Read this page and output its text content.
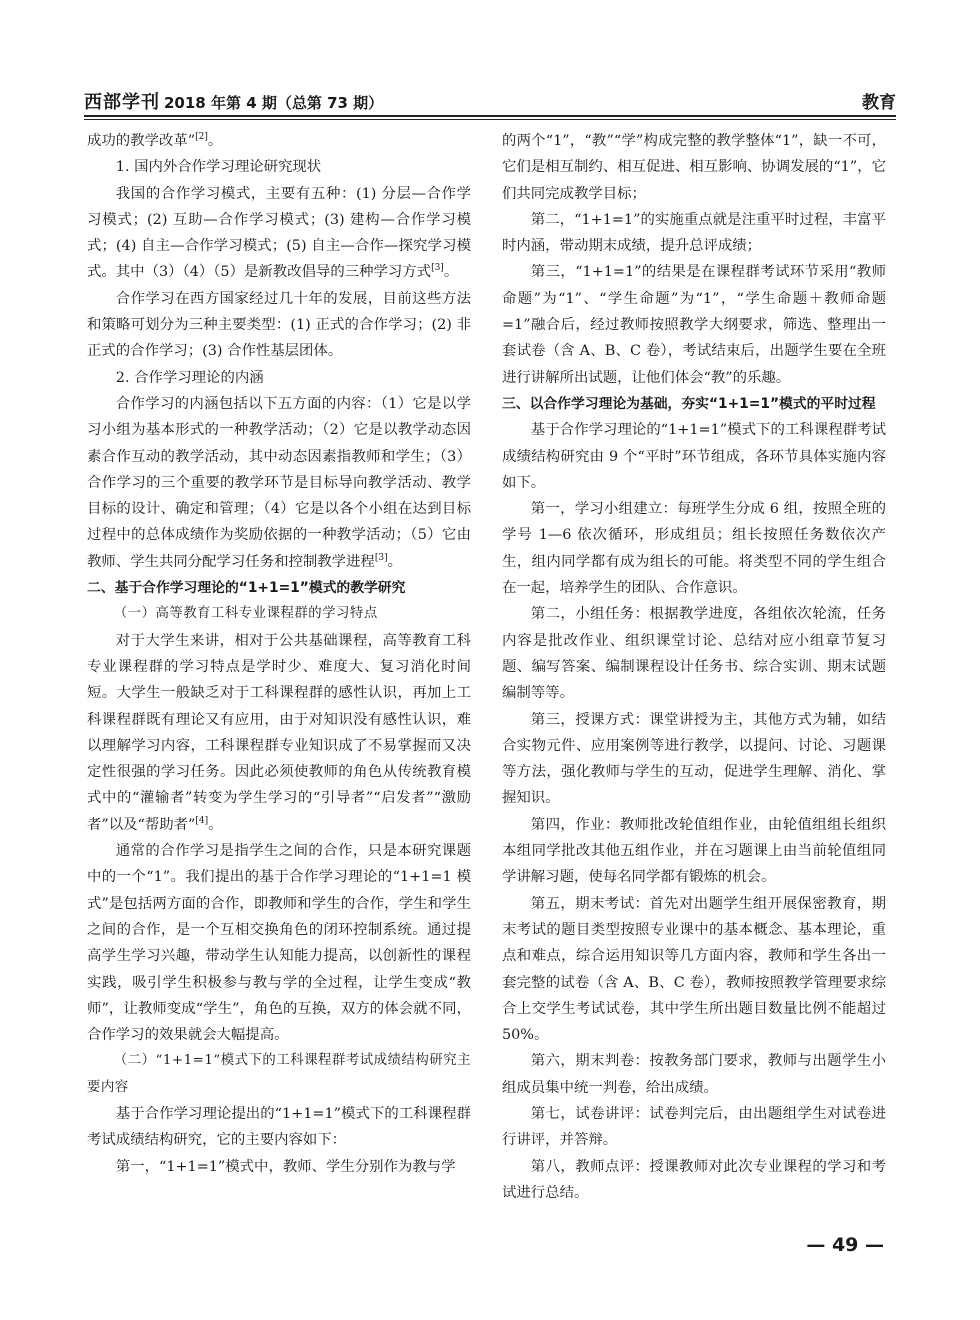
西部学刊 2018 年第 4 期（总第 73 期）	教育

成功的教学改革”[2]。

1. 国内外合作学习理论研究现状

我国的合作学习模式，主要有五种：(1) 分层—合作学习模式；(2) 互助—合作学习模式；(3) 建构—合作学习模式；(4) 自主—合作学习模式；(5) 自主—合作—探究学习模式。其中（3）（4）（5）是新教改倡导的三种学习方式[3]。

合作学习在西方国家经过几十年的发展，目前这些方法和策略可划分为三种主要类型：(1) 正式的合作学习；(2) 非正式的合作学习；(3) 合作性基层团体。

2. 合作学习理论的内涵

合作学习的内涵包括以下五方面的内容：（1）它是以学习小组为基本形式的一种教学活动；（2）它是以教学动态因素合作互动的教学活动，其中动态因素指教师和学生；（3）合作学习的三个重要的教学环节是目标导向教学活动、教学目标的设计、确定和管理；（4）它是以各个小组在达到目标过程中的总体成绩作为奖励依据的一种教学活动；（5）它由教师、学生共同分配学习任务和控制教学进程[3]。

二、基于合作学习理论的“1+1=1”模式的教学研究

（一）高等教育工科专业课程群的学习特点

对于大学生来讲，相对于公共基础课程，高等教育工科专业课程群的学习特点是学时少、难度大、复习消化时间短。大学生一般缺乏对于工科课程群的感性认识，再加上工科课程群既有理论又有应用，由于对知识没有感性认识，难以理解学习内容，工科课程群专业知识成了不易掌握而又决定性很强的学习任务。因此必须使教师的角色从传统教育模式中的“灌输者”转变为学生学习的“引导者”“启发者”“激励者”以及“帮助者”[4]。

通常的合作学习是指学生之间的合作，只是本研究课题中的一个“1”。我们提出的基于合作学习理论的“1+1=1 模式”是包括两方面的合作，即教师和学生的合作，学生和学生之间的合作，是一个互相交换角色的闭环控制系统。通过提高学生学习兴趣，带动学生认知能力提高，以创新性的课程实践，吸引学生积极参与教与学的全过程，让学生变成“教师”，让教师变成“学生”，角色的互换，双方的体会就不同，合作学习的效果就会大幅提高。

（二）“1+1=1”模式下的工科课程群考试成绩结构研究主要内容

基于合作学习理论提出的“1+1=1”模式下的工科课程群考试成绩结构研究，它的主要内容如下：

第一，“1+1=1”模式中，教师、学生分别作为教与学

的两个“1”，“教”“学”构成完整的教学整体“1”，缺一不可，它们是相互制约、相互促进、相互影响、协调发展的“1”，它们共同完成教学目标；

第二，“1+1=1”的实施重点就是注重平时过程，丰富平时内涵，带动期末成绩，提升总评成绩；

第三，“1+1=1”的结果是在课程群考试环节采用“教师命题”为“1”、“学生命题”为“1”，“学生命题＋教师命题=1”融合后，经过教师按照教学大纲要求，筛选、整理出一套试卷（含 A、B、C 卷），考试结束后，出题学生要在全班进行讲解所出试题，让他们体会“教”的乐趣。

三、以合作学习理论为基础，夯实“1+1=1”模式的平时过程

基于合作学习理论的“1+1=1”模式下的工科课程群考试成绩结构研究由 9 个“平时”环节组成，各环节具体实施内容如下。

第一，学习小组建立：每班学生分成 6 组，按照全班的学号 1—6 依次循环，形成组员；组长按照任务数依次产生，组内同学都有成为组长的可能。将类型不同的学生组合在一起，培养学生的团队、合作意识。

第二，小组任务：根据教学进度，各组依次轮流，任务内容是批改作业、组织课堂讨论、总结对应小组章节复习题、编写答案、编制课程设计任务书、综合实训、期末试题编制等等。

第三，授课方式：课堂讲授为主，其他方式为辅，如结合实物元件、应用案例等进行教学，以提问、讨论、习题课等方法，强化教师与学生的互动，促进学生理解、消化、掌握知识。

第四，作业：教师批改轮值组作业，由轮值组组长组织本组同学批改其他五组作业，并在习题课上由当前轮值组同学讲解习题，使每名同学都有锻炼的机会。

第五，期末考试：首先对出题学生组开展保密教育，期末考试的题目类型按照专业课中的基本概念、基本理论，重点和难点，综合运用知识等几方面内容，教师和学生各出一套完整的试卷（含 A、B、C 卷），教师按照教学管理要求综合上交学生考试试卷，其中学生所出题目数量比例不能超过 50%。

第六，期末判卷：按教务部门要求，教师与出题学生小组成员集中统一判卷，给出成绩。

第七，试卷讲评：试卷判完后，由出题组学生对试卷进行讲评，并答辩。

第八，教师点评：授课教师对此次专业课程的学习和考试进行总结。

— 49 —
